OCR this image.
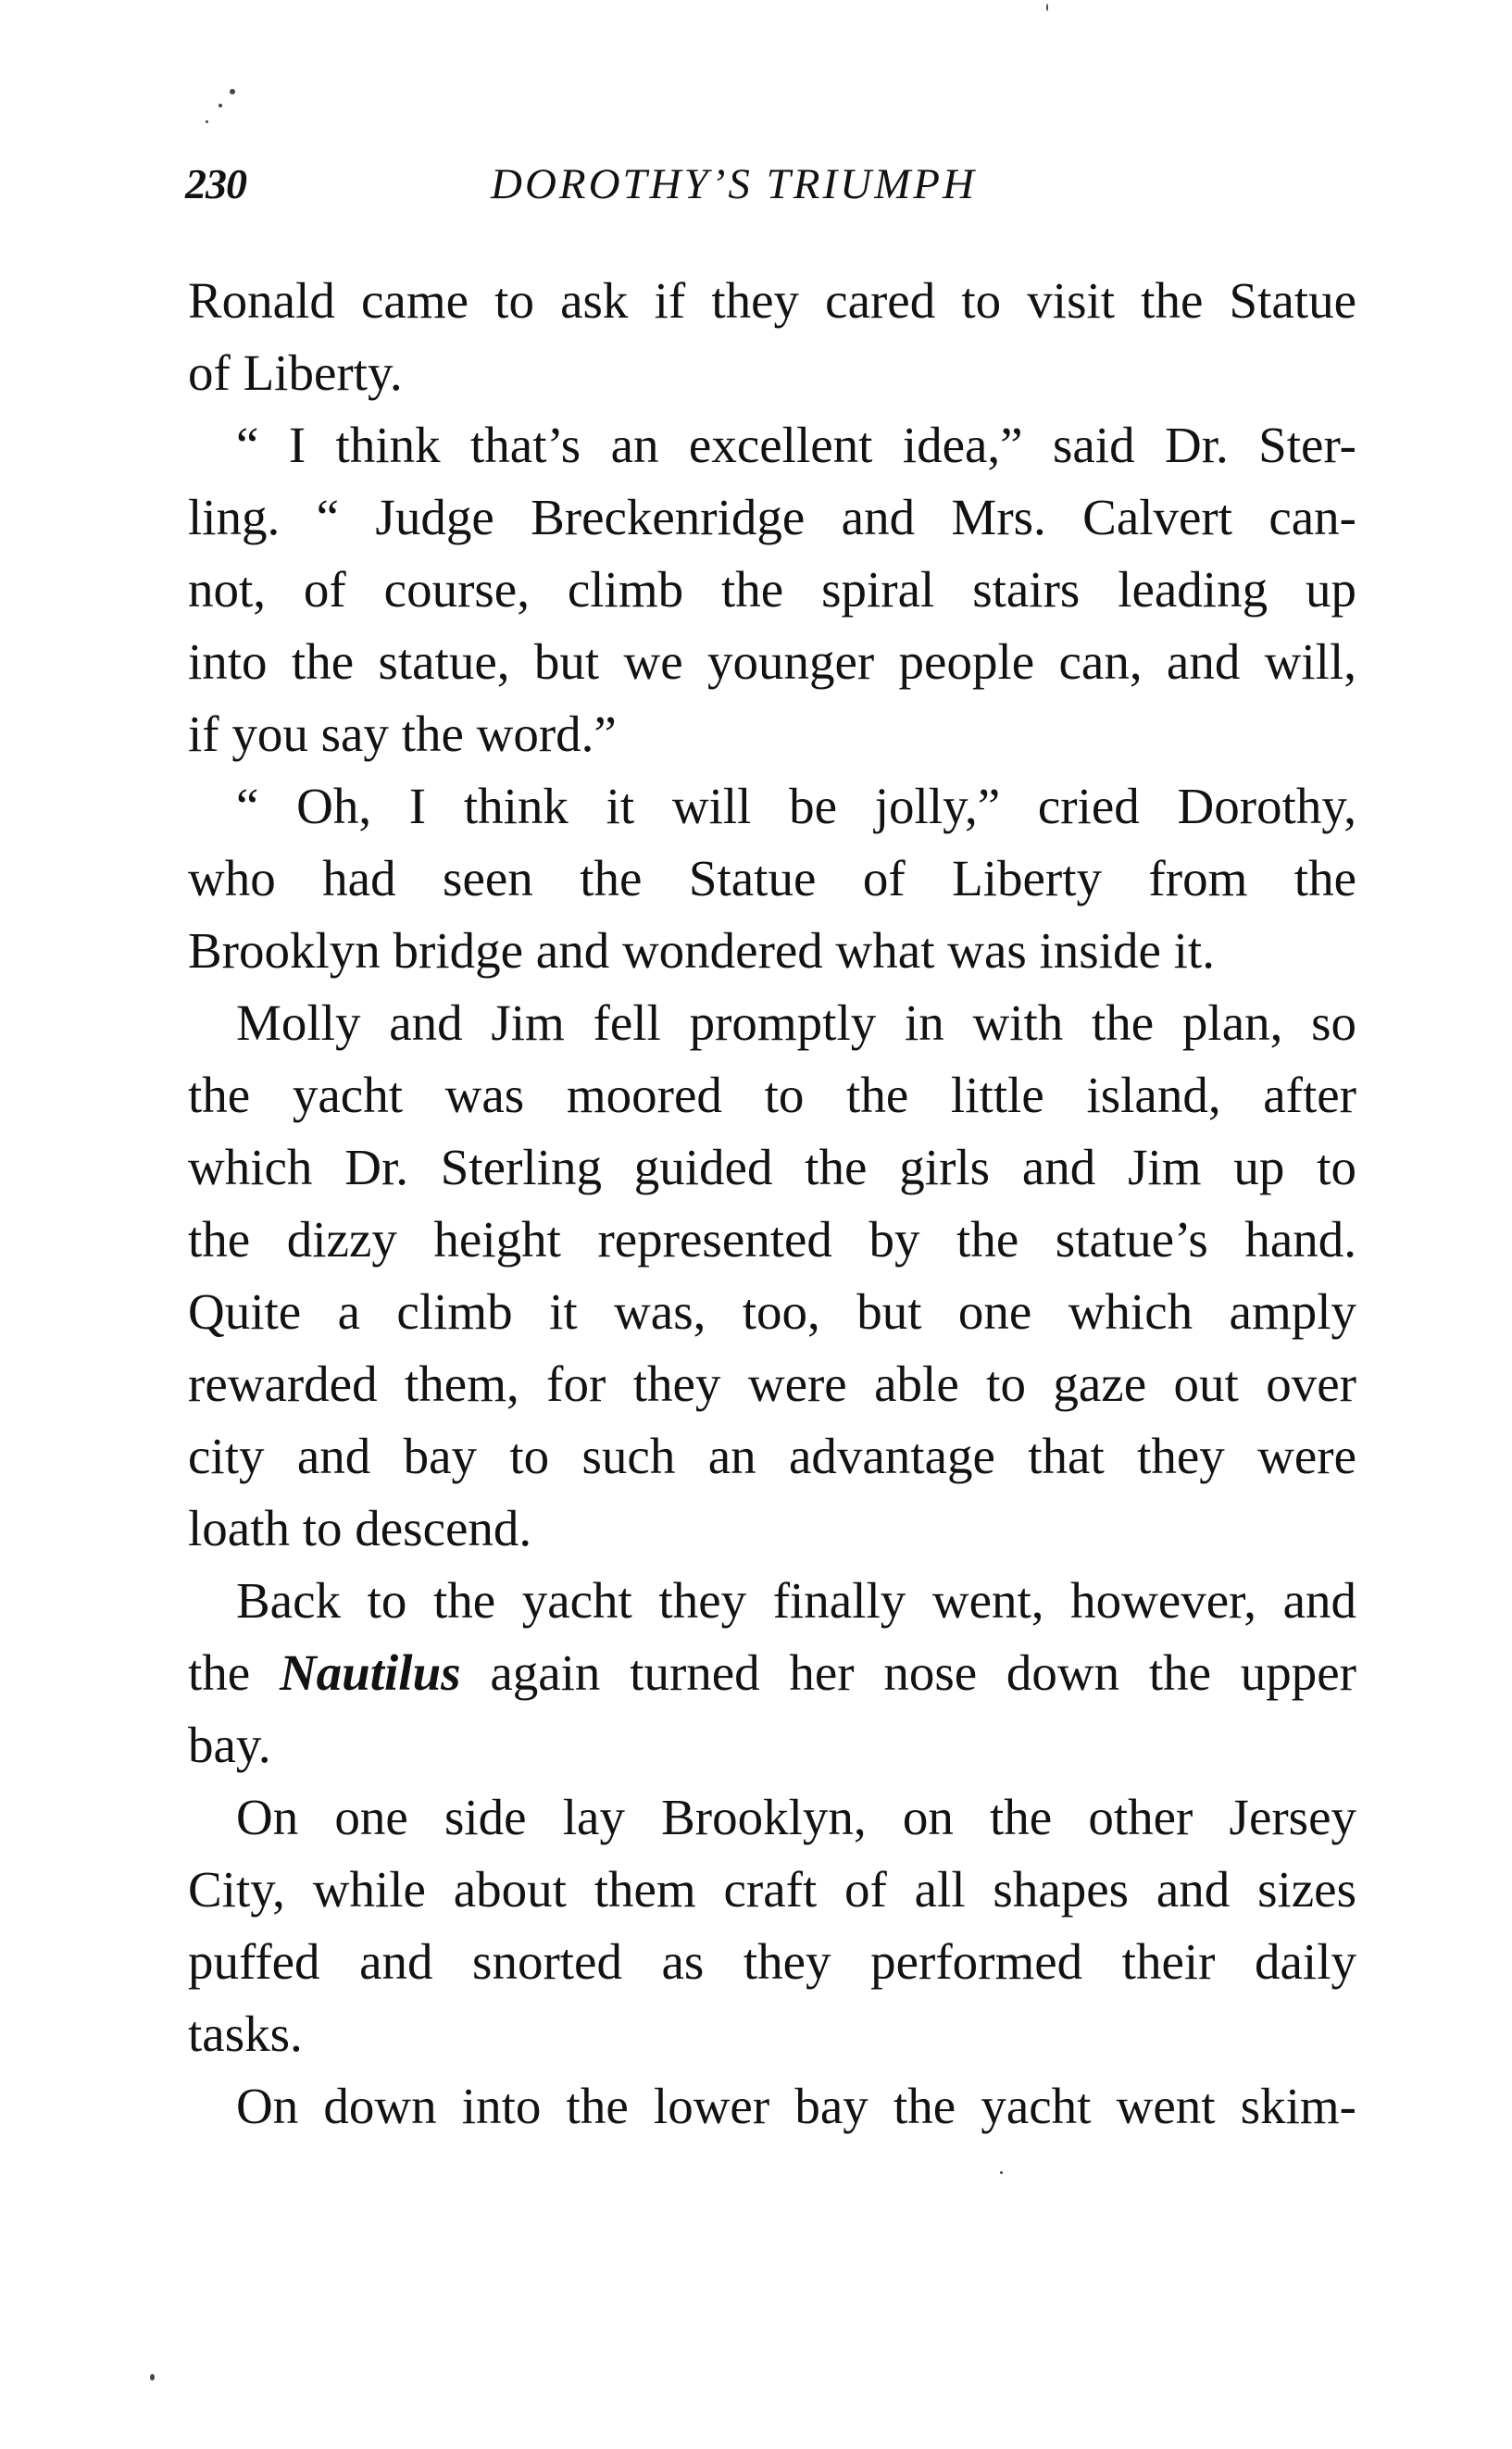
230	DOROTHY’S TRIUMPH
Ronald came to ask if they cared to visit the Statue
of Liberty.
“ I think that’s an excellent idea,” said Dr. Ster-
ling. “ Judge Breckenridge and Mrs. Calvert can-
not, of course, climb the spiral stairs leading up
into the statue, but we younger people can, and will,
if you say the word.”
“ Oh, I think it will be jolly,” cried Dorothy,
who had seen the Statue of Liberty from the
Brooklyn bridge and wondered what was inside it.
Molly and Jim fell promptly in with the plan, so
the yacht was moored to the little island, after
which Dr. Sterling guided the girls and Jim up to
the dizzy height represented by the statue’s hand.
Quite a climb it was, too, but one which amply
rewarded them, for they were able to gaze out over
city and bay to such an advantage that they were
loath to descend.
Back to the yacht they finally went, however, and
the Nautilus again turned her nose down the upper
bay.
On one side lay Brooklyn, on the other Jersey
City, while about them craft of all shapes and sizes
puffed and snorted as they performed their daily
tasks.
On down into the lower bay the yacht went skim-
